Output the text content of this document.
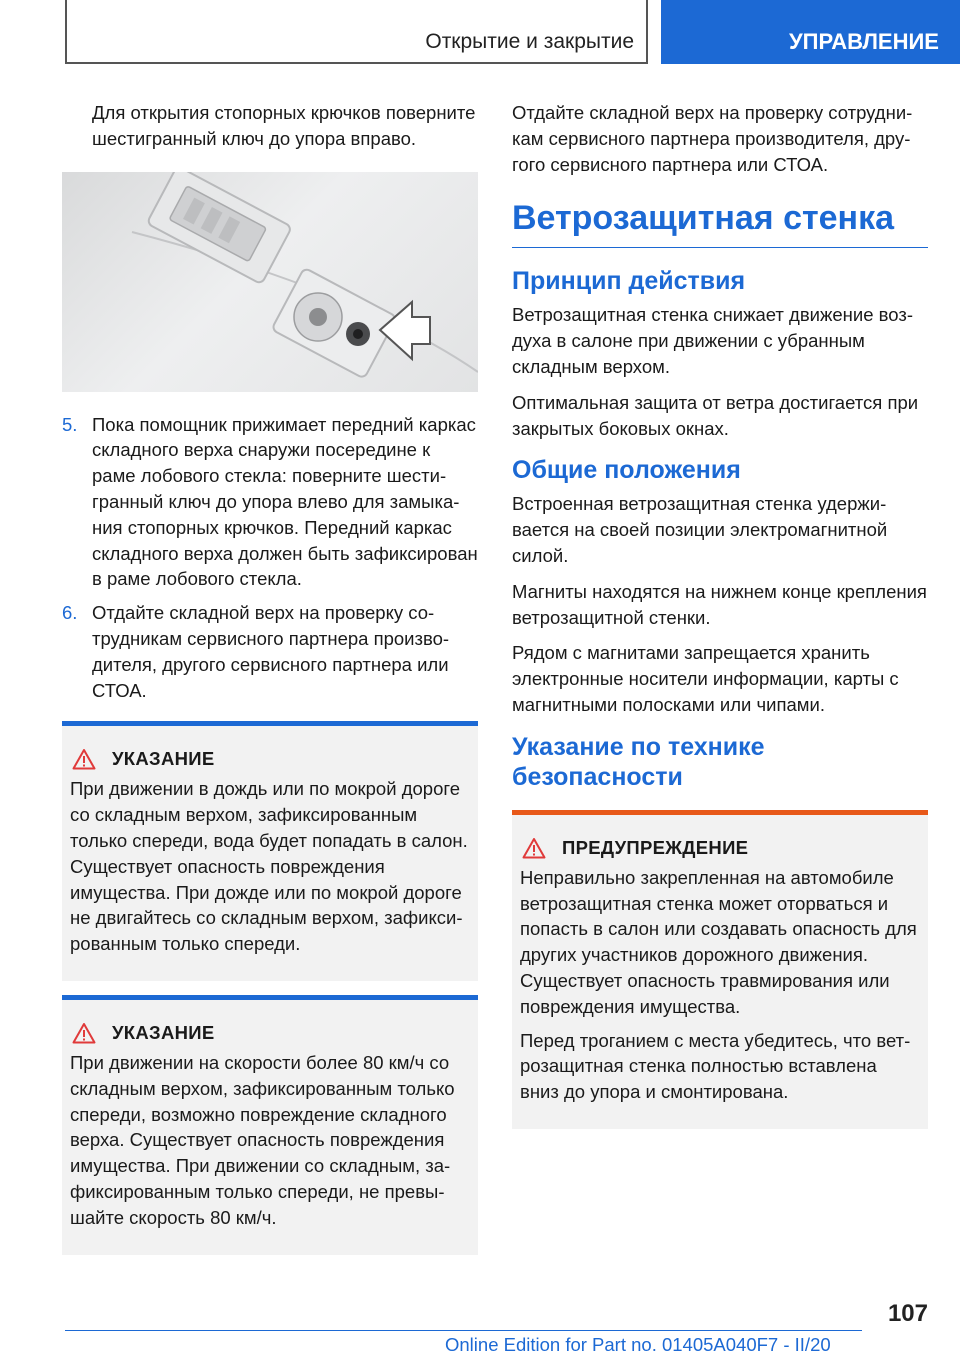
Открытие и закрытие	УПРАВЛЕНИЕ

Для открытия стопорных крючков поверните шестигранный ключ до упора вправо.

5. Пока помощник прижимает передний каркас складного верха снаружи посередине к раме лобового стекла: поверните шестигранный ключ до упора влево для замыкания стопорных крючков. Передний каркас складного верха должен быть зафиксирован в раме лобового стекла.
6. Отдайте складной верх на проверку сотрудникам сервисного партнера производителя, другого сервисного партнера или СТОА.
УКАЗАНИЕ

При движении в дождь или по мокрой дороге со складным верхом, зафиксированным только спереди, вода будет попадать в салон. Существует опасность повреждения имущества. При дожде или по мокрой дороге не двигайтесь со складным верхом, зафиксированным только спереди.

УКАЗАНИЕ

При движении на скорости более 80 км/ч со складным верхом, зафиксированным только спереди, возможно повреждение складного верха. Существует опасность повреждения имущества. При движении со складным, зафиксированным только спереди, не превышайте скорость 80 км/ч.

Отдайте складной верх на проверку сотрудникам сервисного партнера производителя, другого сервисного партнера или СТОА.

Ветрозащитная стенка
Принцип действия

Ветрозащитная стенка снижает движение воздуха в салоне при движении с убранным складным верхом.

Оптимальная защита от ветра достигается при закрытых боковых окнах.

Общие положения

Встроенная ветрозащитная стенка удерживается на своей позиции электромагнитной силой.

Магниты находятся на нижнем конце крепления ветрозащитной стенки.

Рядом с магнитами запрещается хранить электронные носители информации, карты с магнитными полосками или чипами.

Указание по технике безопасности
ПРЕДУПРЕЖДЕНИЕ

Неправильно закрепленная на автомобиле ветрозащитная стенка может оторваться и попасть в салон или создавать опасность для других участников дорожного движения. Существует опасность травмирования или повреждения имущества.

Перед троганием с места убедитесь, что ветрозащитная стенка полностью вставлена вниз до упора и смонтирована.

107
Online Edition for Part no. 01405A040F7 - II/20
